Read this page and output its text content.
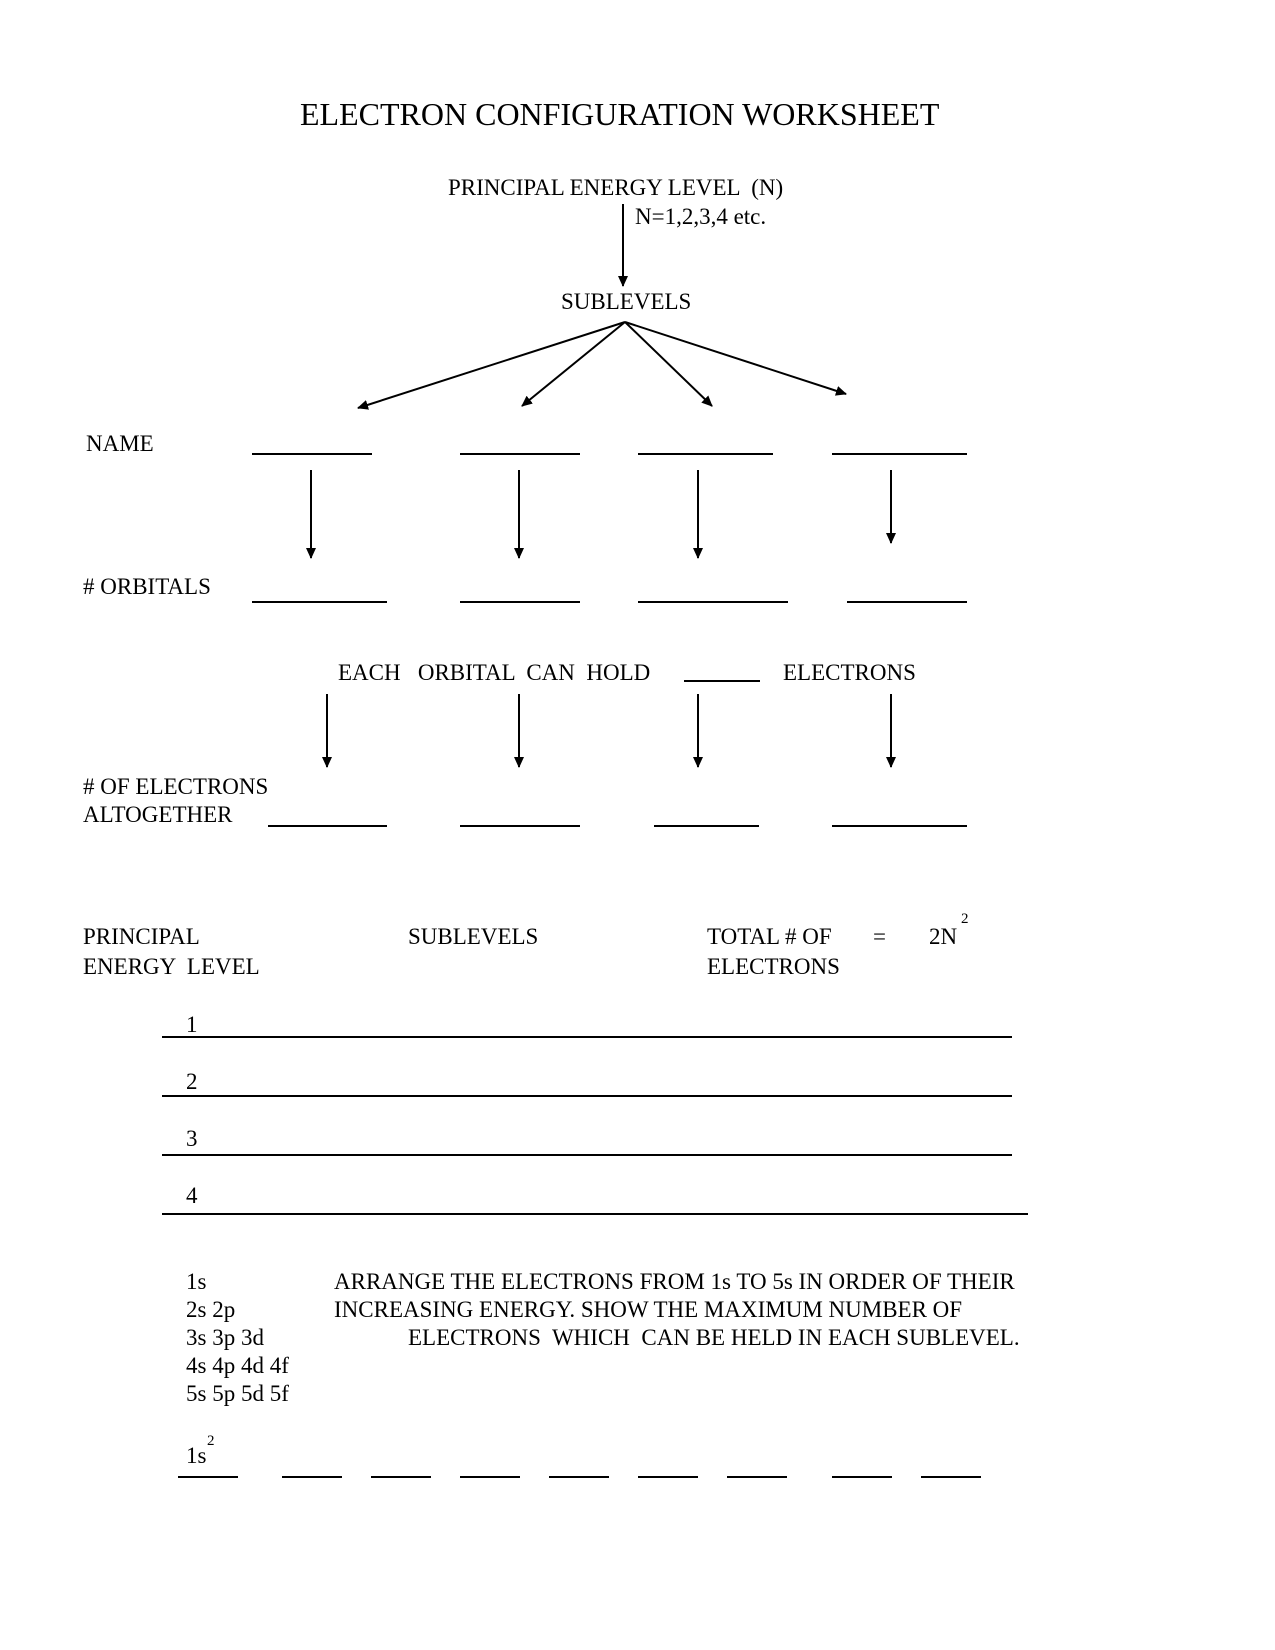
ELECTRON CONFIGURATION WORKSHEET
PRINCIPAL ENERGY LEVEL  (N)
N=1,2,3,4 etc.
SUBLEVELS
NAME
# ORBITALS
EACH   ORBITAL  CAN  HOLD	ELECTRONS
# OF ELECTRONS
ALTOGETHER
PRINCIPAL
ENERGY  LEVEL
SUBLEVELS	TOTAL # OF
ELECTRONS
= 2N
2
1
2
3
4
1s
2s 2p
3s 3p 3d
4s 4p 4d 4f
5s 5p 5d 5f
ARRANGE THE ELECTRONS FROM 1s TO 5s IN ORDER OF THEIR
INCREASING ENERGY. SHOW THE MAXIMUM NUMBER OF
ELECTRONS  WHICH  CAN BE HELD IN EACH SUBLEVEL.
1s
2
